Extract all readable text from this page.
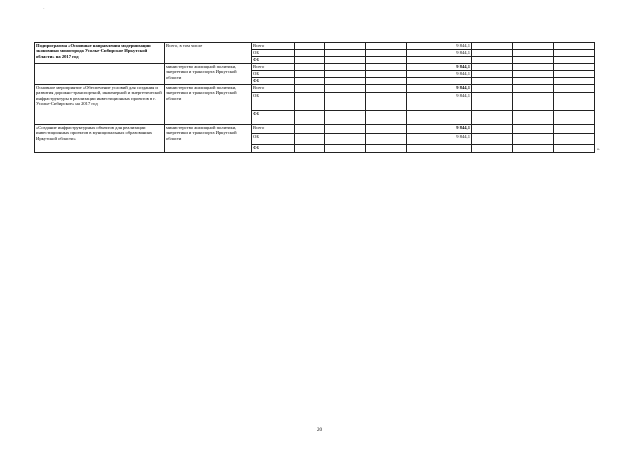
-
Подпрограмма «Основные направления модернизации экономики моногорода Усолье-Сибирское Иркутской области» на 2017 год	Всего, в том числе	Всего				9 844,1			
		ОБ				9 844,1			
		ФБ							
	министерство жилищной политики, энергетики и транспорта Иркутской области	Всего				9 844,1			
		ОБ				9 844,1			
		ФБ							
Основное мероприятие «Обеспечение условий для создания и развития дорожно-транспортной, инженерной и энергетической инфраструктуры в реализации инвестиционных проектов в г. Усолье-Сибирское» на 2017 год	министерство жилищной политики, энергетики и транспорта Иркутской области	Всего				9 844,1			
		ОБ				9 844,1			
		ФБ							
«Создание инфраструктурных объектов для реализации инвестиционных проектов в муниципальных образованиях Иркутской области»	министерство жилищной политики, энергетики и транспорта Иркутской области	Всего				9 844,1			
		ОБ				9 844,1			
		ФБ								».
20
